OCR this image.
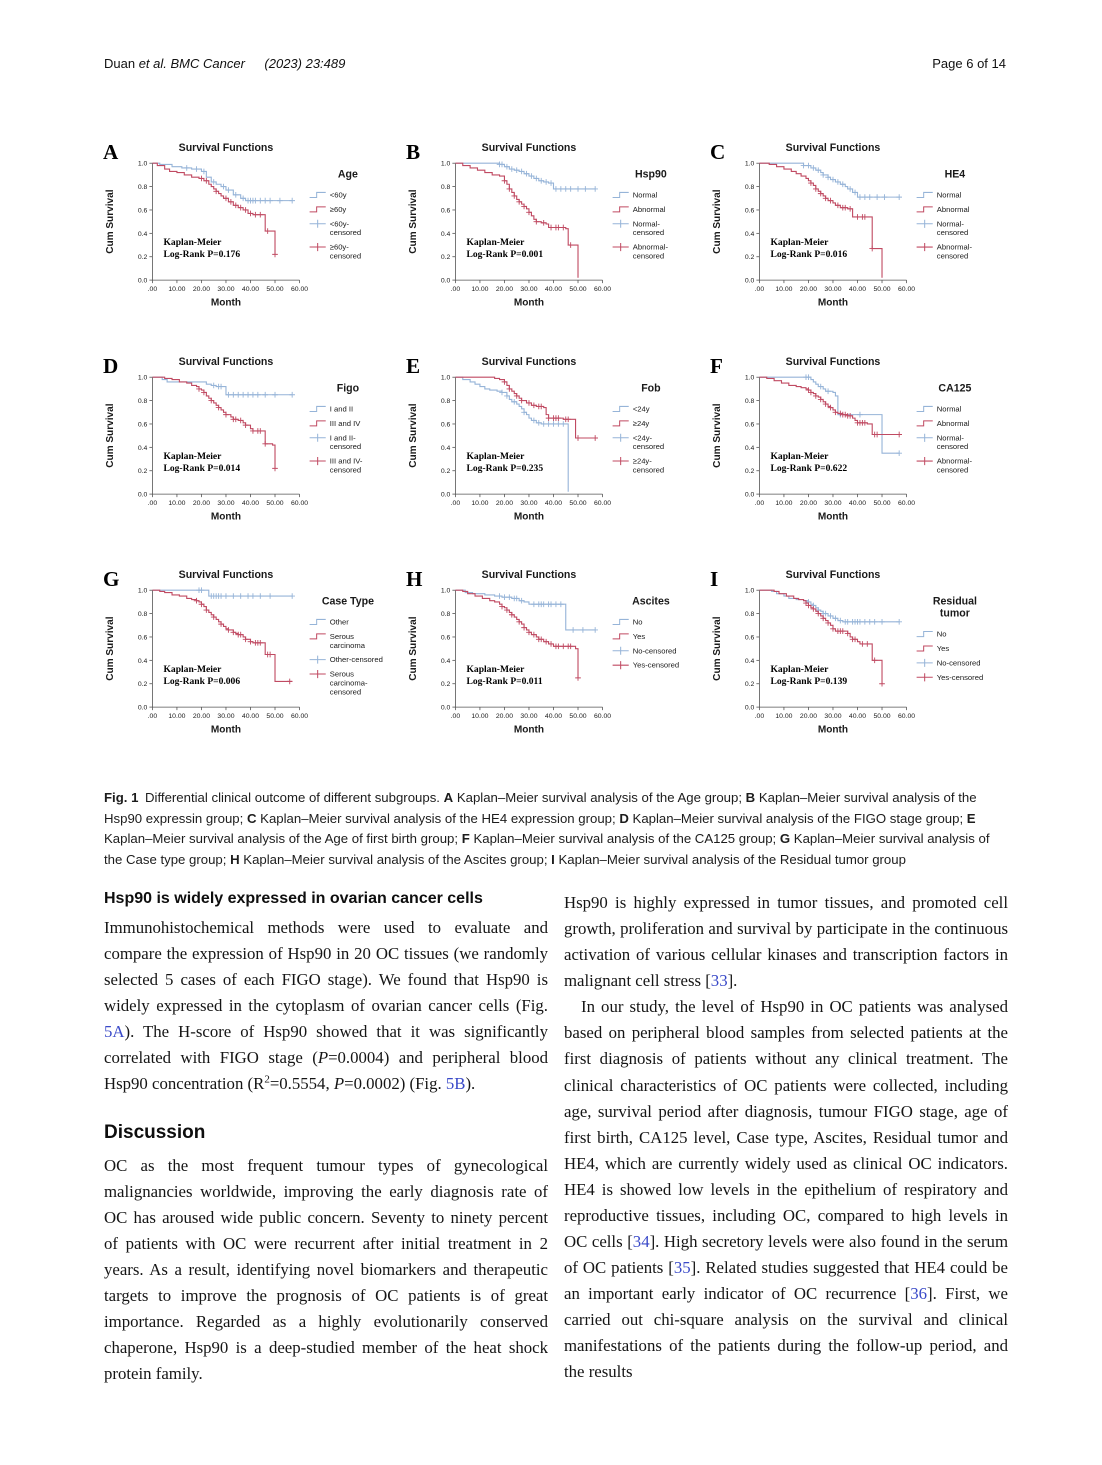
Duan et al. BMC Cancer   (2023) 23:489	Page 6 of 14
A	Survival Functions
0.0
0.2
0.4
0.6
0.8
1.0
.00 10.00 20.00 30.00 40.00 50.00 60.00
Cum Survival
Month
Kaplan-Meier
Log-Rank P=0.176
Age
<60y
≥60y
<60y-
censored
≥60y-
censored
B	Survival Functions
0.0
0.2
0.4
0.6
0.8
1.0
.00 10.00 20.00 30.00 40.00 50.00 60.00
Cum Survival
Month
Kaplan-Meier
Log-Rank P=0.001
Hsp90
Normal
Abnormal
Normal-
censored
Abnormal-
censored
C	Survival Functions
0.0
0.2
0.4
0.6
0.8
1.0
.00 10.00 20.00 30.00 40.00 50.00 60.00
Cum Survival
Month
Kaplan-Meier
Log-Rank P=0.016
HE4
Normal
Abnormal
Normal-
censored
Abnormal-
censored
D	Survival Functions
0.0
0.2
0.4
0.6
0.8
1.0
.00 10.00 20.00 30.00 40.00 50.00 60.00
Cum Survival
Month
Kaplan-Meier
Log-Rank P=0.014
Figo
I and II
III and IV
I and II-
censored
III and IV-
censored
E	Survival Functions
0.0
0.2
0.4
0.6
0.8
1.0
.00 10.00 20.00 30.00 40.00 50.00 60.00
Cum Survival
Month
Kaplan-Meier
Log-Rank P=0.235
Fob
<24y
≥24y
<24y-
censored
≥24y-
censored
F	Survival Functions
0.0
0.2
0.4
0.6
0.8
1.0
.00 10.00 20.00 30.00 40.00 50.00 60.00
Cum Survival
Month
Kaplan-Meier
Log-Rank P=0.622
CA125
Normal
Abnormal
Normal-
censored
Abnormal-
censored
G	Survival Functions
0.0
0.2
0.4
0.6
0.8
1.0
.00 10.00 20.00 30.00 40.00 50.00 60.00
Cum Survival
Month
Kaplan-Meier
Log-Rank P=0.006
Case Type
Other
Serous
carcinoma
Other-censored
Serous
carcinoma-
censored
H	Survival Functions
0.0
0.2
0.4
0.6
0.8
1.0
.00 10.00 20.00 30.00 40.00 50.00 60.00
Cum Survival
Month
Kaplan-Meier
Log-Rank P=0.011
Ascites
No
Yes
No-censored
Yes-censored
I	Survival Functions
0.0
0.2
0.4
0.6
0.8
1.0
.00 10.00 20.00 30.00 40.00 50.00 60.00
Cum Survival
Month
Kaplan-Meier
Log-Rank P=0.139
Residual
tumor
No
Yes
No-censored
Yes-censored
Fig. 1 Differential clinical outcome of different subgroups. A Kaplan–Meier survival analysis of the Age group; B Kaplan–Meier survival analysis of the Hsp90 expressin group; C Kaplan–Meier survival analysis of the HE4 expression group; D Kaplan–Meier survival analysis of the FIGO stage group; E Kaplan–Meier survival analysis of the Age of first birth group; F Kaplan–Meier survival analysis of the CA125 group; G Kaplan–Meier survival analysis of the Case type group; H Kaplan–Meier survival analysis of the Ascites group; I Kaplan–Meier survival analysis of the Residual tumor group
Hsp90 is widely expressed in ovarian cancer cells

Immunohistochemical methods were used to evaluate and compare the expression of Hsp90 in 20 OC tissues (we randomly selected 5 cases of each FIGO stage). We found that Hsp90 is widely expressed in the cytoplasm of ovarian cancer cells (Fig. 5A). The H-score of Hsp90 showed that it was significantly correlated with FIGO stage (P=0.0004) and peripheral blood Hsp90 concentration ($R^2=0.5554$, P=0.0002) (Fig. 5B).

Discussion

OC as the most frequent tumour types of gynecological malignancies worldwide, improving the early diagnosis rate of OC has aroused wide public concern. Seventy to ninety percent of patients with OC were recurrent after initial treatment in 2 years. As a result, identifying novel biomarkers and therapeutic targets to improve the prognosis of OC patients is of great importance. Regarded as a highly evolutionarily conserved chaperone, Hsp90 is a deep-studied member of the heat shock protein family.

Hsp90 is highly expressed in tumor tissues, and promoted cell growth, proliferation and survival by participate in the continuous activation of various cellular kinases and transcription factors in malignant cell stress [33].

In our study, the level of Hsp90 in OC patients was analysed based on peripheral blood samples from selected patients at the first diagnosis of patients without any clinical treatment. The clinical characteristics of OC patients were collected, including age, survival period after diagnosis, tumour FIGO stage, age of first birth, CA125 level, Case type, Ascites, Residual tumor and HE4, which are currently widely used as clinical OC indicators. HE4 is showed low levels in the epithelium of respiratory and reproductive tissues, including OC, compared to high levels in OC cells [34]. High secretory levels were also found in the serum of OC patients [35]. Related studies suggested that HE4 could be an important early indicator of OC recurrence [36]. First, we carried out chi-square analysis on the survival and clinical manifestations of the patients during the follow-up period, and the results
